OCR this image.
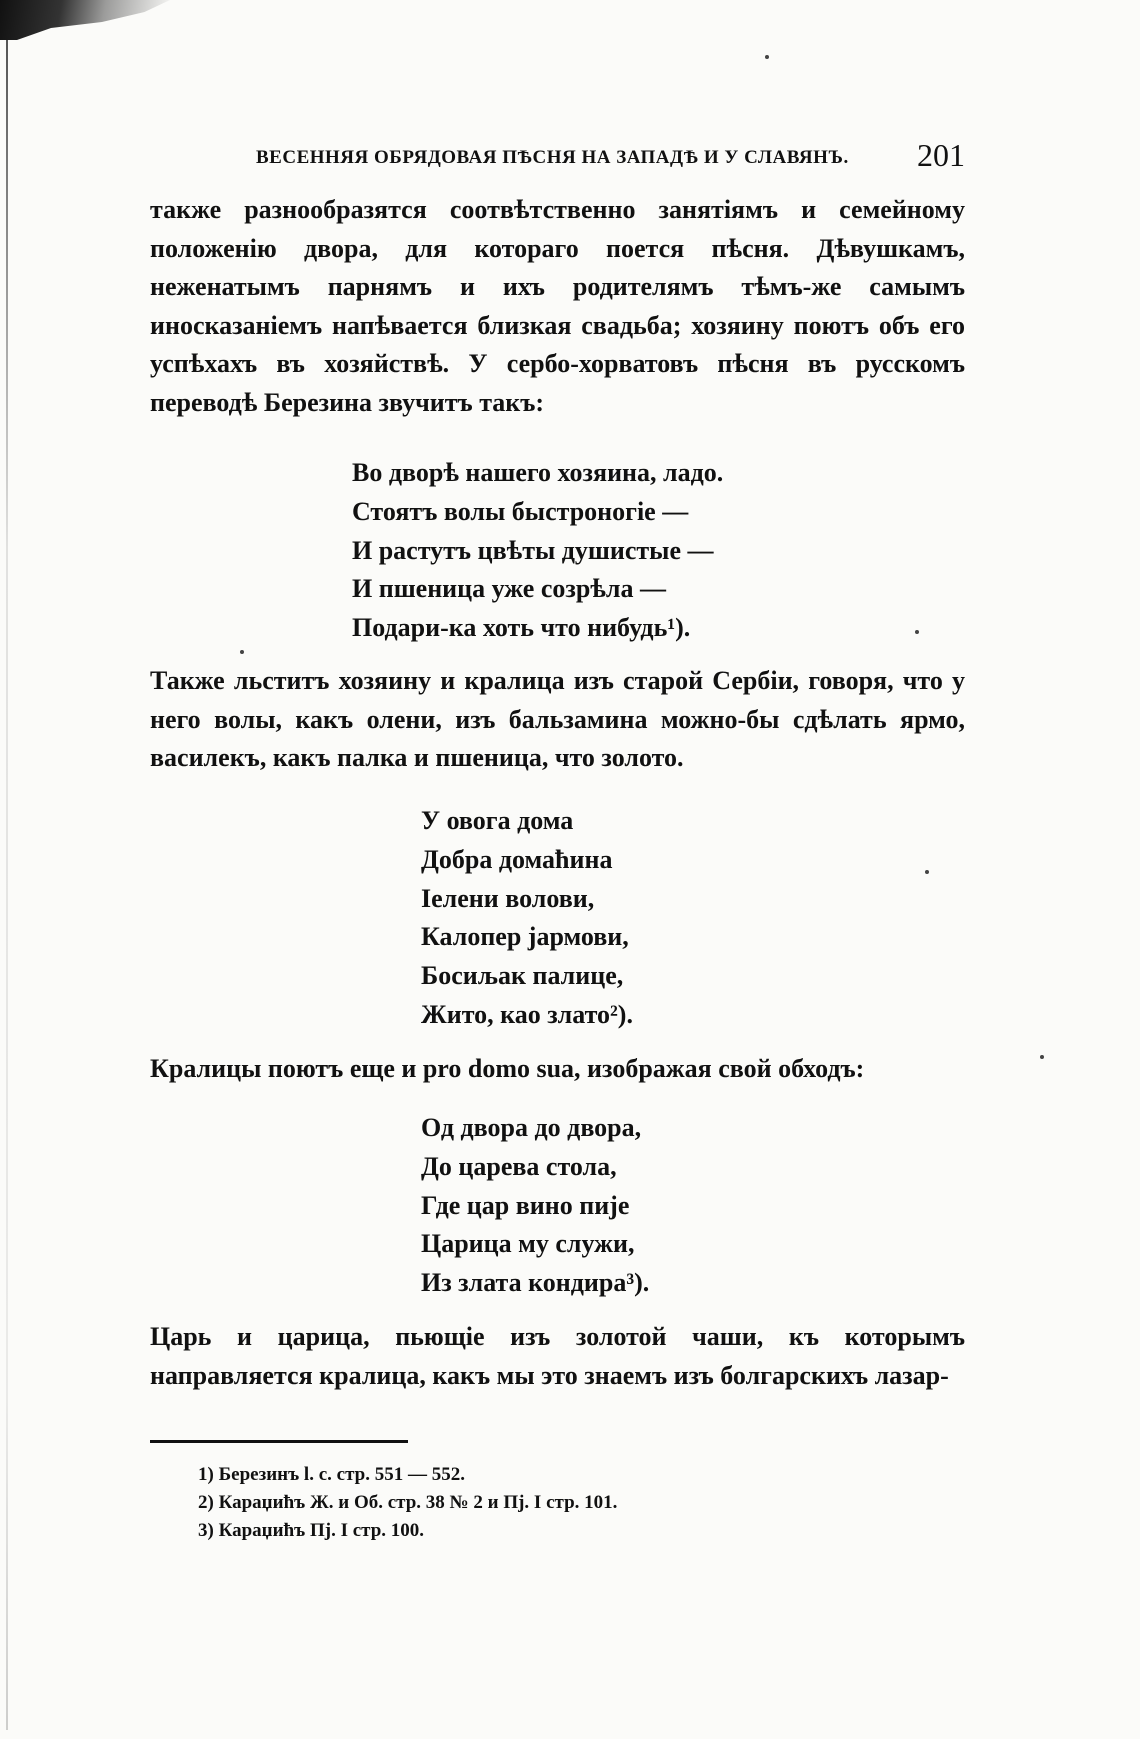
ВЕСЕННЯЯ ОБРЯДОВАЯ ПѢСНЯ НА ЗАПАДѢ И У СЛАВЯНЪ. 201

также разнообразятся соотвѣтственно занятіямъ и семейному положенію двора, для котораго поется пѣсня. Дѣвушкамъ, неженатымъ парнямъ и ихъ родителямъ тѣмъ-же самымъ иносказаніемъ напѣвается близкая свадьба; хозяину поютъ объ его успѣхахъ въ хозяйствѣ. У сербо-хорватовъ пѣсня въ русскомъ переводѣ Березина звучитъ такъ:

Во дворѣ нашего хозяина, ладо.
Стоятъ волы быстроногіе —
И растутъ цвѣты душистые —
И пшеница уже созрѣла —
Подари-ка хоть что нибудь¹).

Также льститъ хозяину и кралица изъ старой Сербіи, говоря, что у него волы, какъ олени, изъ бальзамина можно-бы сдѣлать ярмо, василекъ, какъ палка и пшеница, что золото.

У овога дома
Добра домаћина
Іелени волови,
Калопер јармови,
Босиљак палице,
Жито, као злато²).

Кралицы поютъ еще и pro domo sua, изображая свой обходъ:

Од двора до двора,
До царева стола,
Где цар вино пије
Царица му служи,
Из злата кондира³).

Царь и царица, пьющіе изъ золотой чаши, къ которымъ направляется кралица, какъ мы это знаемъ изъ болгарскихъ лазар-

1) Березинъ l. c. стр. 551 — 552.
2) Караџићъ Ж. и Об. стр. 38 № 2 и Пј. I стр. 101.
3) Караџићъ Пј. I стр. 100.
